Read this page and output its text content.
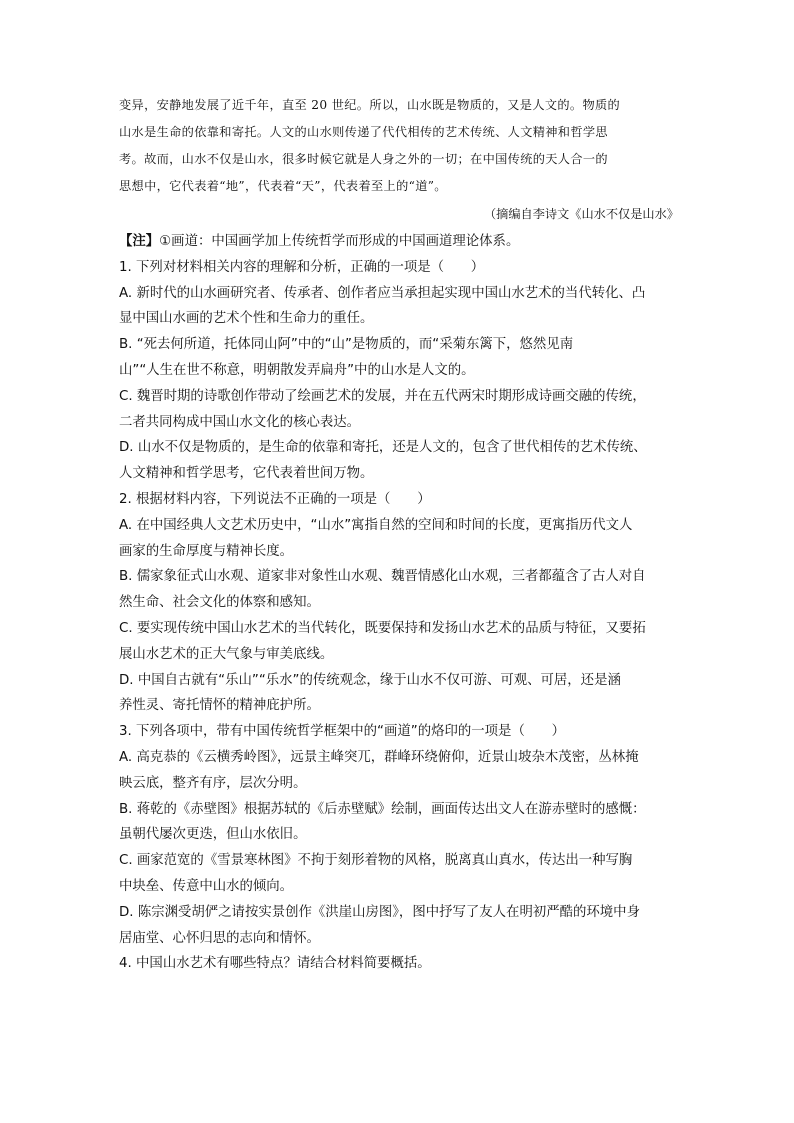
变异，安静地发展了近千年，直至 20 世纪。所以，山水既是物质的，又是人文的。物质的
山水是生命的依靠和寄托。人文的山水则传递了代代相传的艺术传统、人文精神和哲学思
考。故而，山水不仅是山水，很多时候它就是人身之外的一切；在中国传统的天人合一的
思想中，它代表着“地”，代表着“天”，代表着至上的“道”。
（摘编自李诗文《山水不仅是山水》
【注】①画道：中国画学加上传统哲学而形成的中国画道理论体系。
1. 下列对材料相关内容的理解和分析，正确的一项是（　　）
A. 新时代的山水画研究者、传承者、创作者应当承担起实现中国山水艺术的当代转化、凸
显中国山水画的艺术个性和生命力的重任。
B. “死去何所道，托体同山阿”中的“山”是物质的，而“采菊东篱下，悠然见南
山”“人生在世不称意，明朝散发弄扁舟”中的山水是人文的。
C. 魏晋时期的诗歌创作带动了绘画艺术的发展，并在五代两宋时期形成诗画交融的传统，
二者共同构成中国山水文化的核心表达。
D. 山水不仅是物质的，是生命的依靠和寄托，还是人文的，包含了世代相传的艺术传统、
人文精神和哲学思考，它代表着世间万物。
2. 根据材料内容，下列说法不正确的一项是（　　）
A. 在中国经典人文艺术历史中，“山水”寓指自然的空间和时间的长度，更寓指历代文人
画家的生命厚度与精神长度。
B. 儒家象征式山水观、道家非对象性山水观、魏晋情感化山水观，三者都蕴含了古人对自
然生命、社会文化的体察和感知。
C. 要实现传统中国山水艺术的当代转化，既要保持和发扬山水艺术的品质与特征，又要拓
展山水艺术的正大气象与审美底线。
D. 中国自古就有“乐山”“乐水”的传统观念，缘于山水不仅可游、可观、可居，还是涵
养性灵、寄托情怀的精神庇护所。
3. 下列各项中，带有中国传统哲学框架中的“画道”的烙印的一项是（　　）
A. 高克恭的《云横秀岭图》，远景主峰突兀，群峰环绕俯仰，近景山坡杂木茂密，丛林掩
映云底，整齐有序，层次分明。
B. 蒋乾的《赤壁图》根据苏轼的《后赤壁赋》绘制，画面传达出文人在游赤壁时的感慨：
虽朝代屡次更迭，但山水依旧。
C. 画家范宽的《雪景寒林图》不拘于刻形着物的风格，脱离真山真水，传达出一种写胸
中块垒、传意中山水的倾向。
D. 陈宗渊受胡俨之请按实景创作《洪崖山房图》，图中抒写了友人在明初严酷的环境中身
居庙堂、心怀归思的志向和情怀。
4. 中国山水艺术有哪些特点？请结合材料简要概括。
